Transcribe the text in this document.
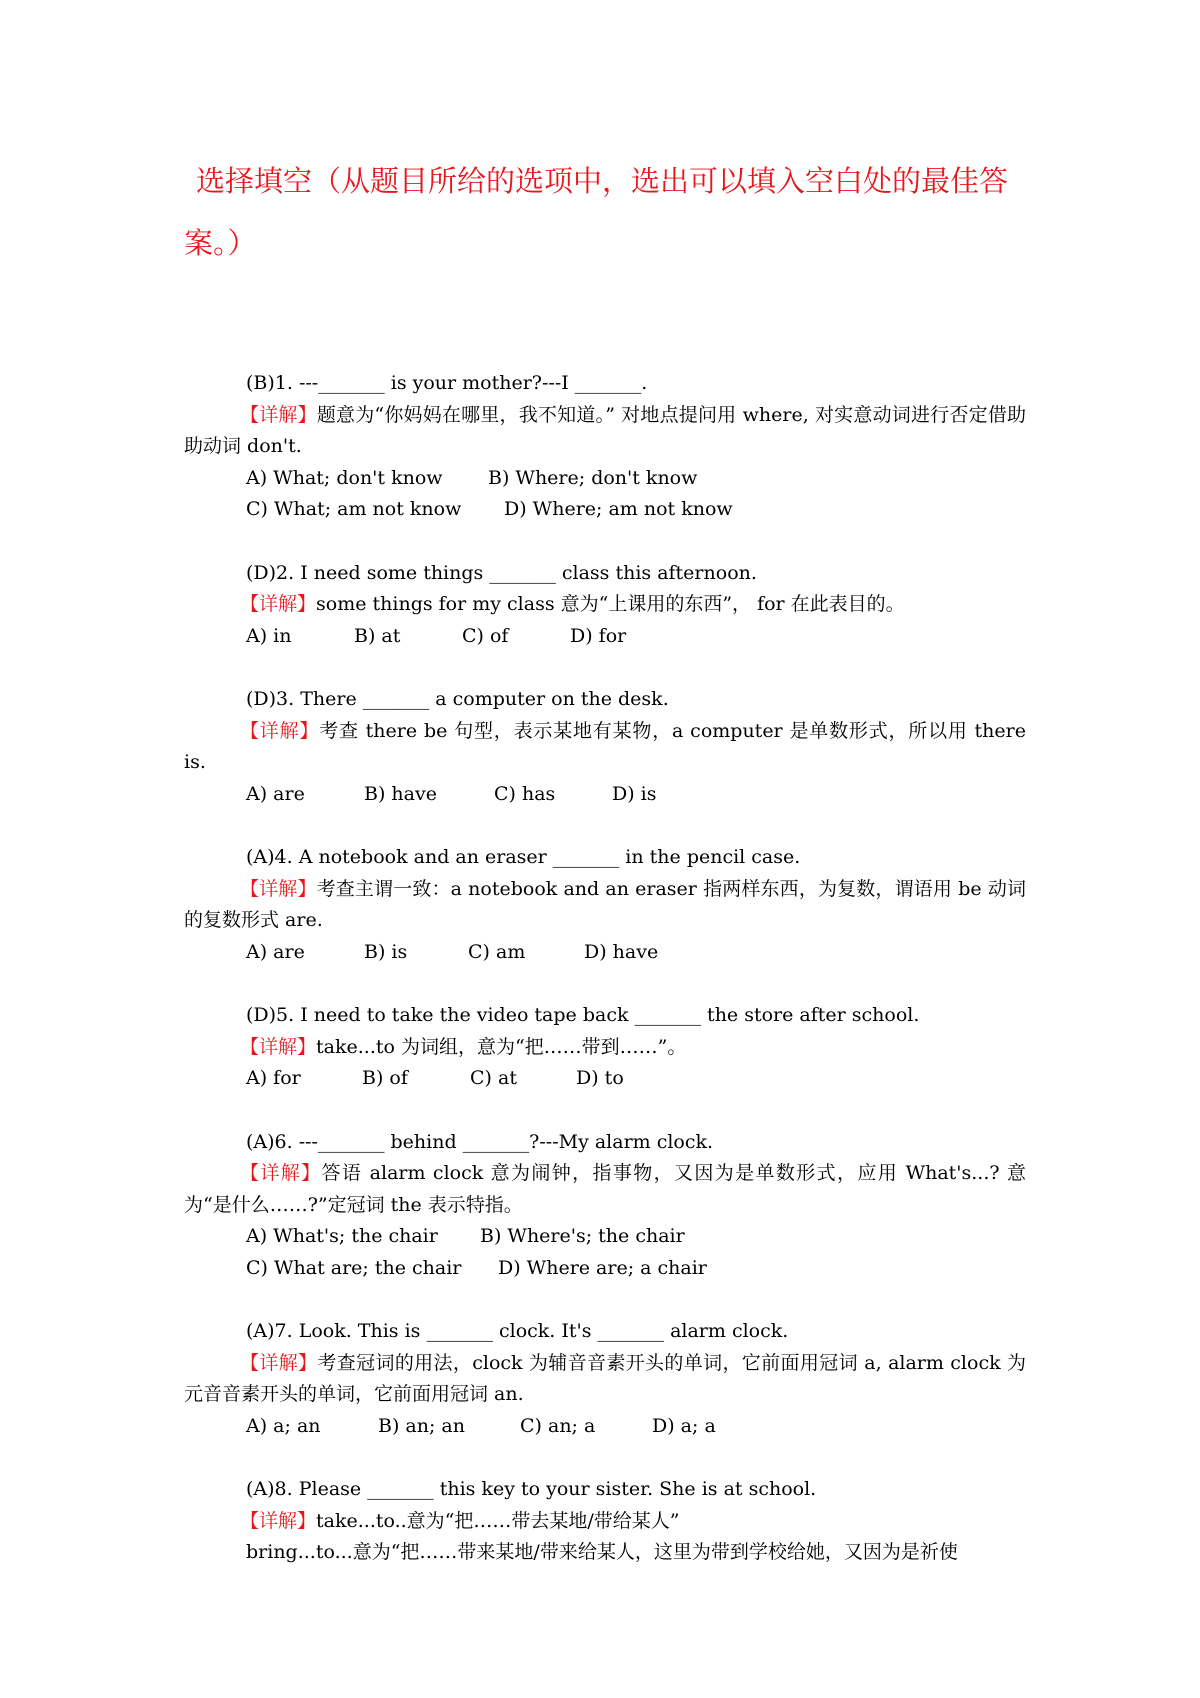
选择填空（从题目所给的选项中，选出可以填入空白处的最佳答案。）

(B)1. ---_______ is your mother?---I _______.
【详解】题意为“你妈妈在哪里，我不知道。” 对地点提问用 where, 对实意动词进行否定借助助动词 don't.
A) What; don't know	B) Where; don't know
C) What; am not know	D) Where; am not know
(D)2. I need some things _______ class this afternoon.
【详解】some things for my class 意为“上课用的东西”， for 在此表目的。
A) in	B) at	C) of	D) for
(D)3. There _______ a computer on the desk.
【详解】考查 there be 句型，表示某地有某物，a computer 是单数形式，所以用 there is.
A) are	B) have	C) has	D) is
(A)4. A notebook and an eraser _______ in the pencil case.
【详解】考查主谓一致：a notebook and an eraser 指两样东西，为复数，谓语用 be 动词的复数形式 are.
A) are	B) is	C) am	D) have
(D)5. I need to take the video tape back _______ the store after school.
【详解】take...to 为词组，意为“把……带到……”。
A) for	B) of	C) at	D) to
(A)6. ---_______ behind _______?---My alarm clock.
【详解】答语 alarm clock 意为闹钟，指事物，又因为是单数形式，应用 What's...? 意为“是什么……?”定冠词 the 表示特指。
A) What's; the chair	B) Where's; the chair
C) What are; the chair	D) Where are; a chair
(A)7. Look. This is _______ clock. It's _______ alarm clock.
【详解】考查冠词的用法，clock 为辅音音素开头的单词，它前面用冠词 a, alarm clock 为元音音素开头的单词，它前面用冠词 an.
A) a; an	B) an; an	C) an; a	D) a; a
(A)8. Please _______ this key to your sister. She is at school.
【详解】take...to..意为“把……带去某地/带给某人”
bring...to...意为“把……带来某地/带来给某人，这里为带到学校给她，又因为是祈使
